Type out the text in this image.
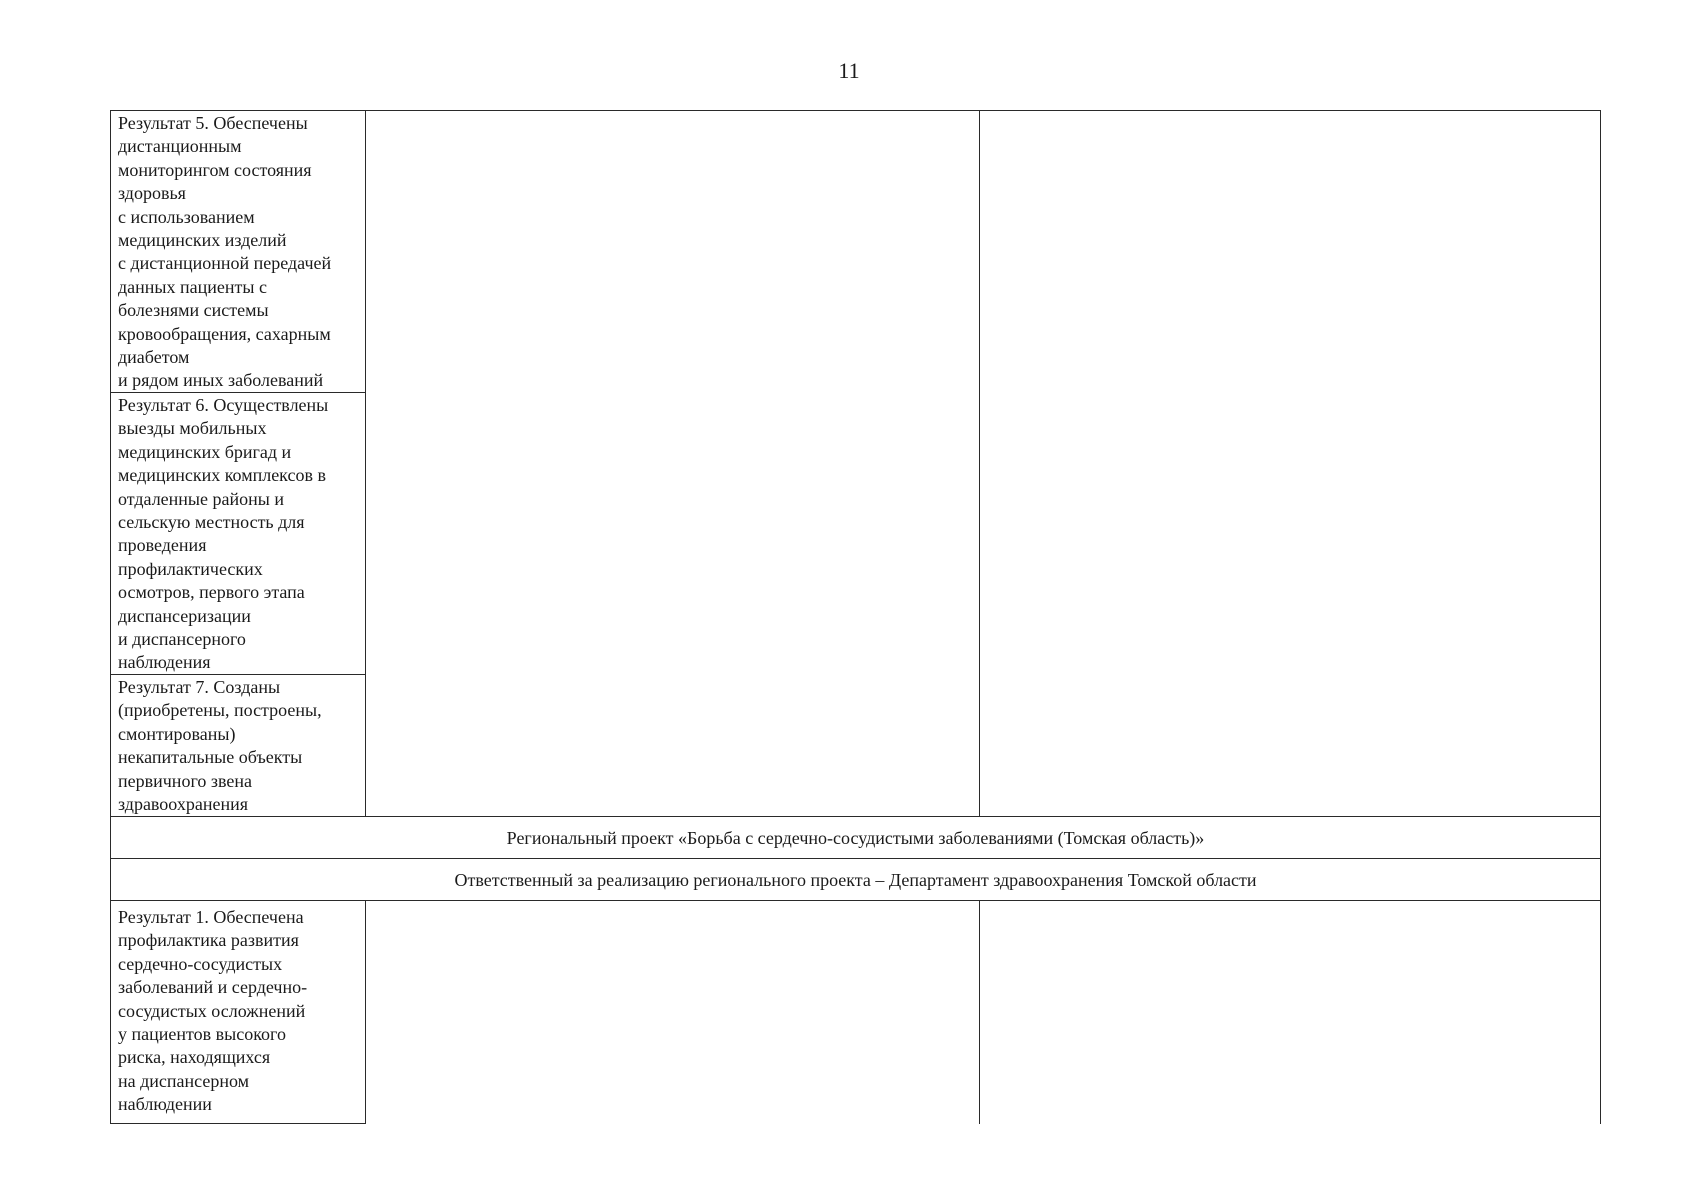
11
Результат 5. Обеспечены
дистанционным
мониторингом состояния
здоровья
с использованием
медицинских изделий
с дистанционной передачей
данных пациенты с
болезнями системы
кровообращения, сахарным
диабетом
и рядом иных заболеваний
Результат 6. Осуществлены
выезды мобильных
медицинских бригад и
медицинских комплексов в
отдаленные районы и
сельскую местность для
проведения
профилактических
осмотров, первого этапа
диспансеризации
и диспансерного
наблюдения
Результат 7. Созданы
(приобретены, построены,
смонтированы)
некапитальные объекты
первичного звена
здравоохранения
Региональный проект «Борьба с сердечно-сосудистыми заболеваниями (Томская область)»
Ответственный за реализацию регионального проекта – Департамент здравоохранения Томской области
Результат 1. Обеспечена
профилактика развития
сердечно-сосудистых
заболеваний и сердечно-
сосудистых осложнений
у пациентов высокого
риска, находящихся
на диспансерном
наблюдении
